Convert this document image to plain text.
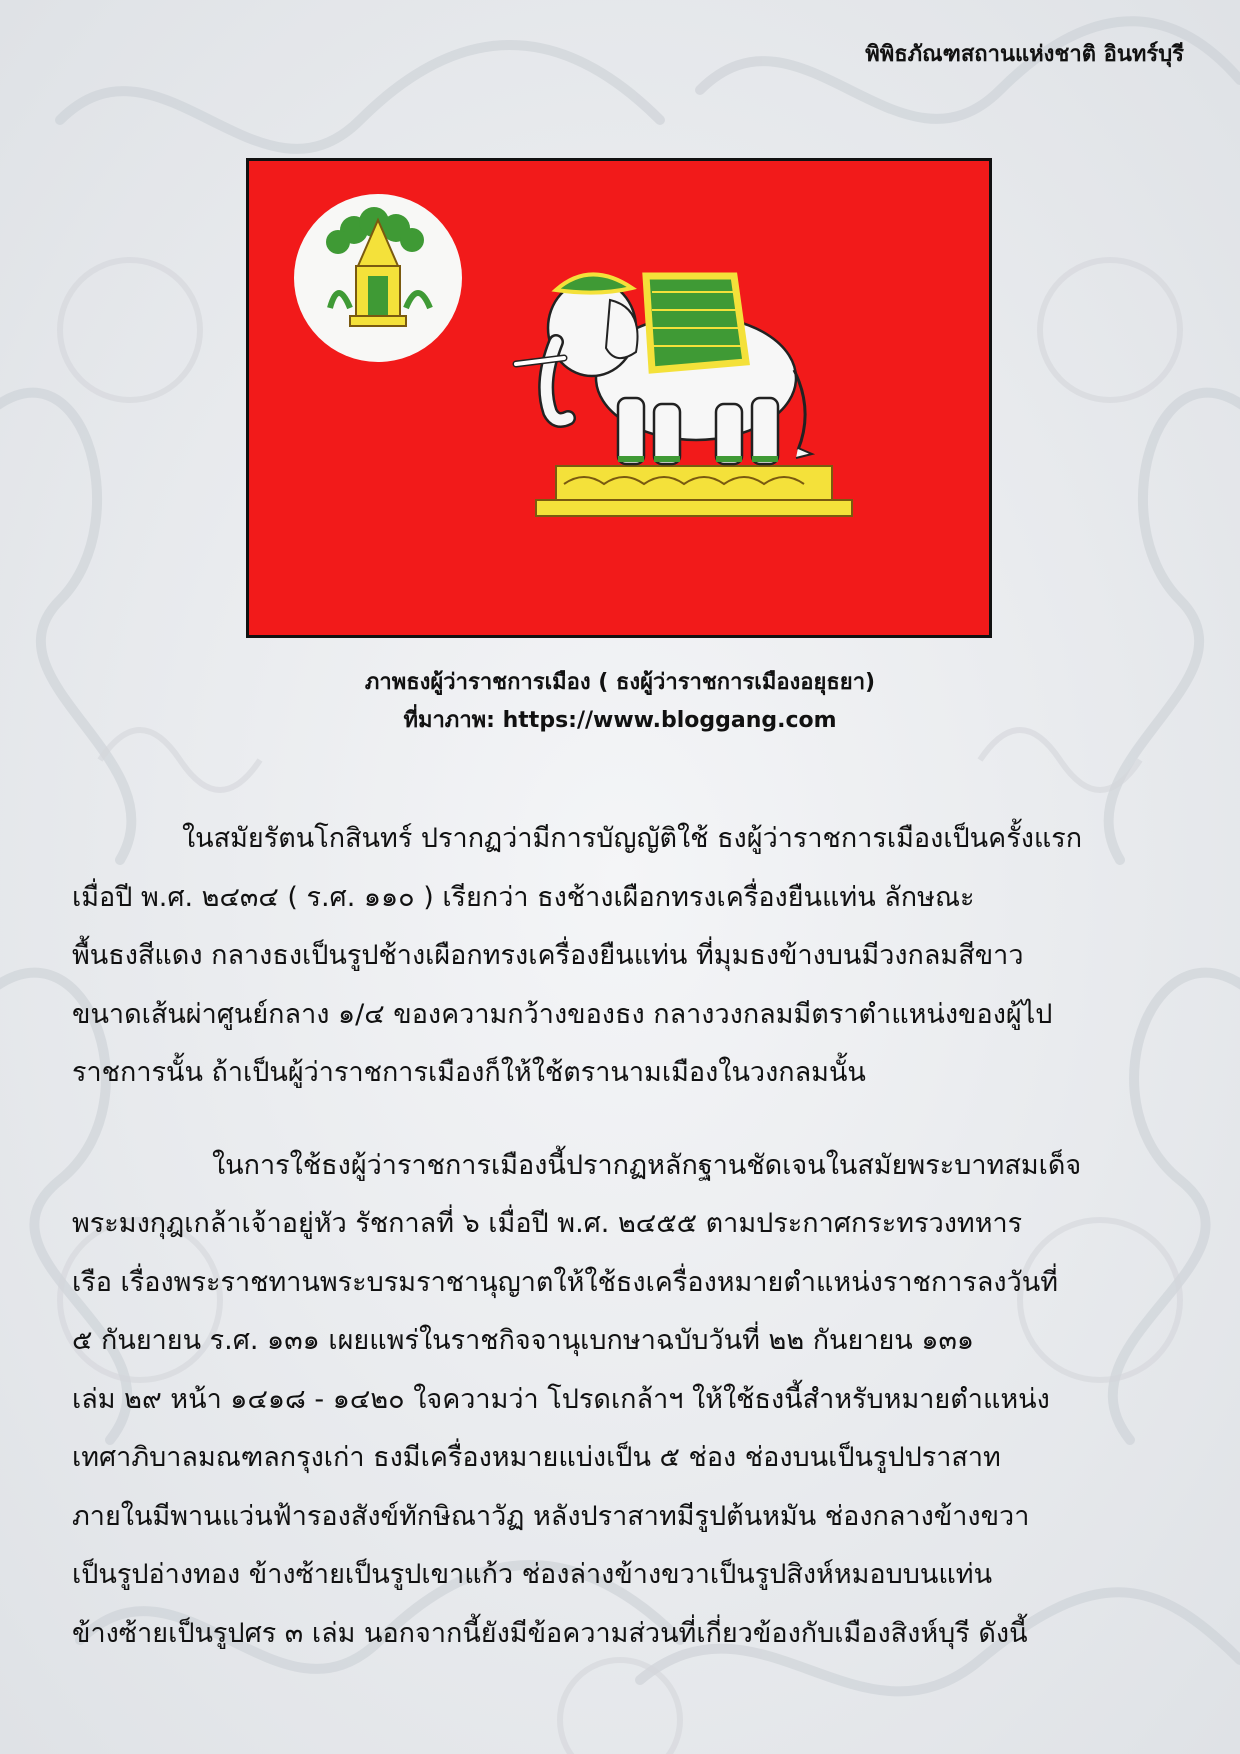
พิพิธภัณฑสถานแห่งชาติ อินทร์บุรี
ภาพธงผู้ว่าราชการเมือง ( ธงผู้ว่าราชการเมืองอยุธยา)
ที่มาภาพ: https://www.bloggang.com

ในสมัยรัตนโกสินทร์ ปรากฏว่ามีการบัญญัติใช้ ธงผู้ว่าราชการเมืองเป็นครั้งแรก
เมื่อปี พ.ศ. ๒๔๓๔ ( ร.ศ. ๑๑๐ ) เรียกว่า ธงช้างเผือกทรงเครื่องยืนแท่น ลักษณะ
พื้นธงสีแดง กลางธงเป็นรูปช้างเผือกทรงเครื่องยืนแท่น ที่มุมธงข้างบนมีวงกลมสีขาว
ขนาดเส้นผ่าศูนย์กลาง ๑/๔ ของความกว้างของธง กลางวงกลมมีตราตำแหน่งของผู้ไป
ราชการนั้น ถ้าเป็นผู้ว่าราชการเมืองก็ให้ใช้ตรานามเมืองในวงกลมนั้น

ในการใช้ธงผู้ว่าราชการเมืองนี้ปรากฏหลักฐานชัดเจนในสมัยพระบาทสมเด็จ
พระมงกุฎเกล้าเจ้าอยู่หัว รัชกาลที่ ๖ เมื่อปี พ.ศ. ๒๔๕๕ ตามประกาศกระทรวงทหาร
เรือ เรื่องพระราชทานพระบรมราชานุญาตให้ใช้ธงเครื่องหมายตำแหน่งราชการลงวันที่
๕ กันยายน ร.ศ. ๑๓๑ เผยแพร่ในราชกิจจานุเบกษาฉบับวันที่ ๒๒ กันยายน ๑๓๑
เล่ม ๒๙ หน้า ๑๔๑๘ - ๑๔๒๐ ใจความว่า โปรดเกล้าฯ ให้ใช้ธงนี้สำหรับหมายตำแหน่ง
เทศาภิบาลมณฑลกรุงเก่า ธงมีเครื่องหมายแบ่งเป็น ๕ ช่อง ช่องบนเป็นรูปปราสาท
ภายในมีพานแว่นฟ้ารองสังข์ทักษิณาวัฏ หลังปราสาทมีรูปต้นหมัน ช่องกลางข้างขวา
เป็นรูปอ่างทอง ข้างซ้ายเป็นรูปเขาแก้ว ช่องล่างข้างขวาเป็นรูปสิงห์หมอบบนแท่น
ข้างซ้ายเป็นรูปศร ๓ เล่ม นอกจากนี้ยังมีข้อความส่วนที่เกี่ยวข้องกับเมืองสิงห์บุรี ดังนี้
